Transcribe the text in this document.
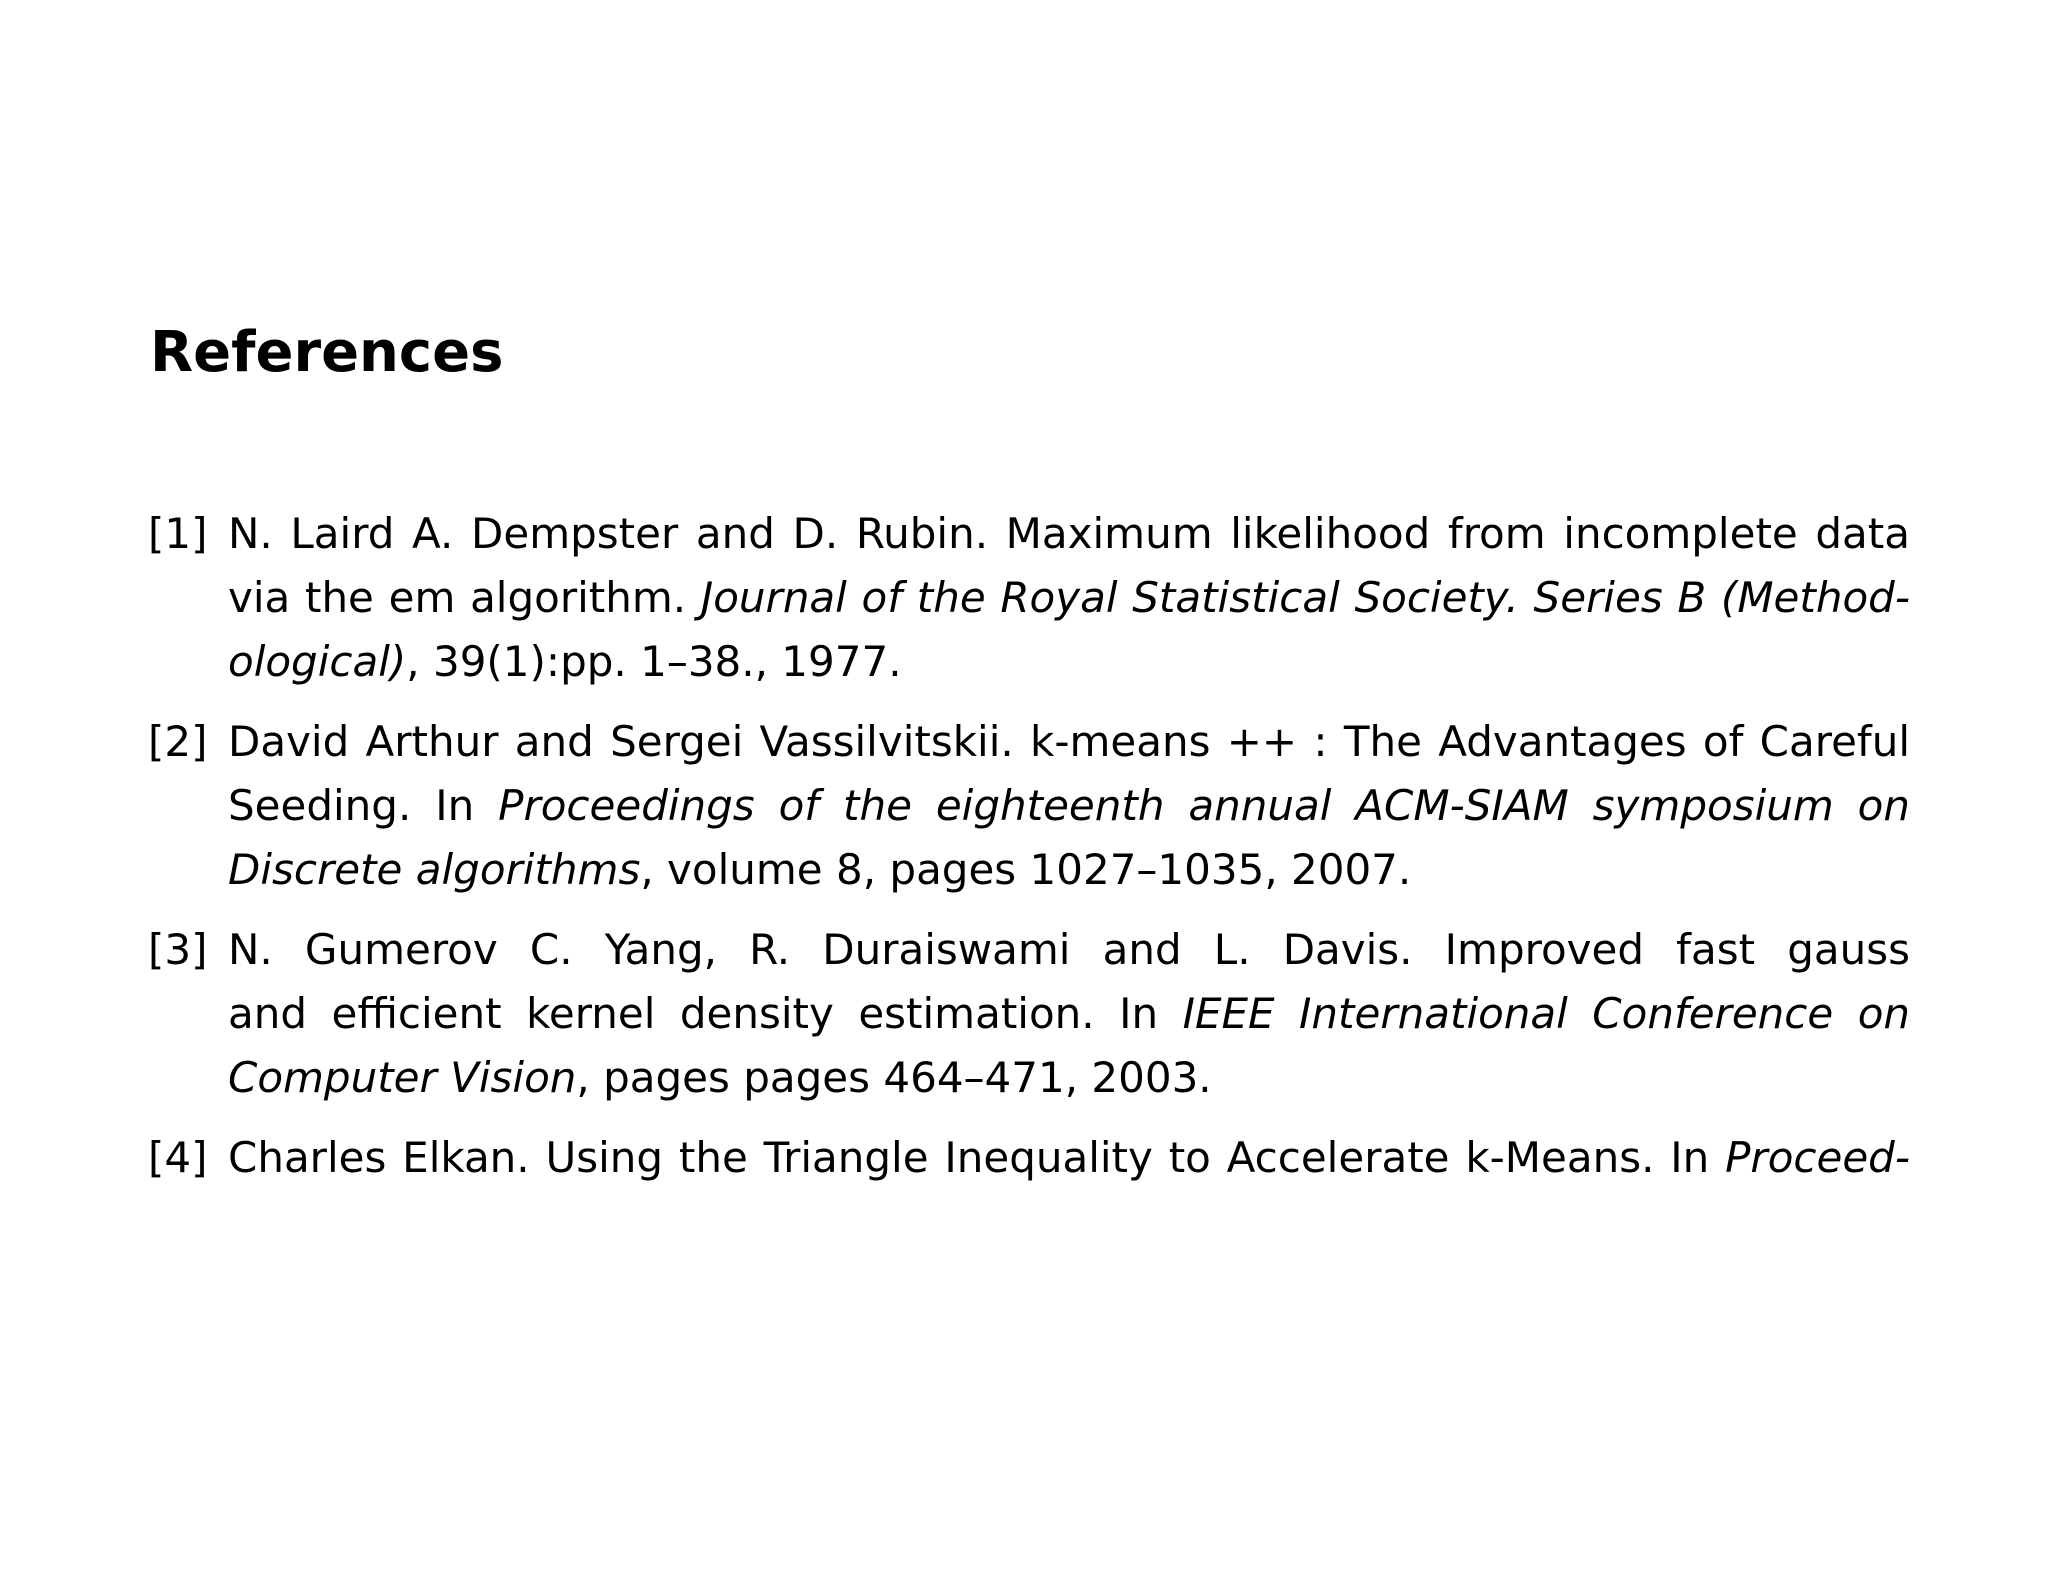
References
[1] N. Laird A. Dempster and D. Rubin. Maximum likelihood from incomplete data
via the em algorithm. Journal of the Royal Statistical Society. Series B (Method-
ological), 39(1):pp. 1–38., 1977.
[2] David Arthur and Sergei Vassilvitskii. k-means ++ : The Advantages of Careful
Seeding. In Proceedings of the eighteenth annual ACM-SIAM symposium on
Discrete algorithms, volume 8, pages 1027–1035, 2007.
[3] N. Gumerov C. Yang, R. Duraiswami and L. Davis. Improved fast gauss
and efficient kernel density estimation. In IEEE International Conference on
Computer Vision, pages pages 464–471, 2003.
[4] Charles Elkan. Using the Triangle Inequality to Accelerate k-Means. In Proceed-
